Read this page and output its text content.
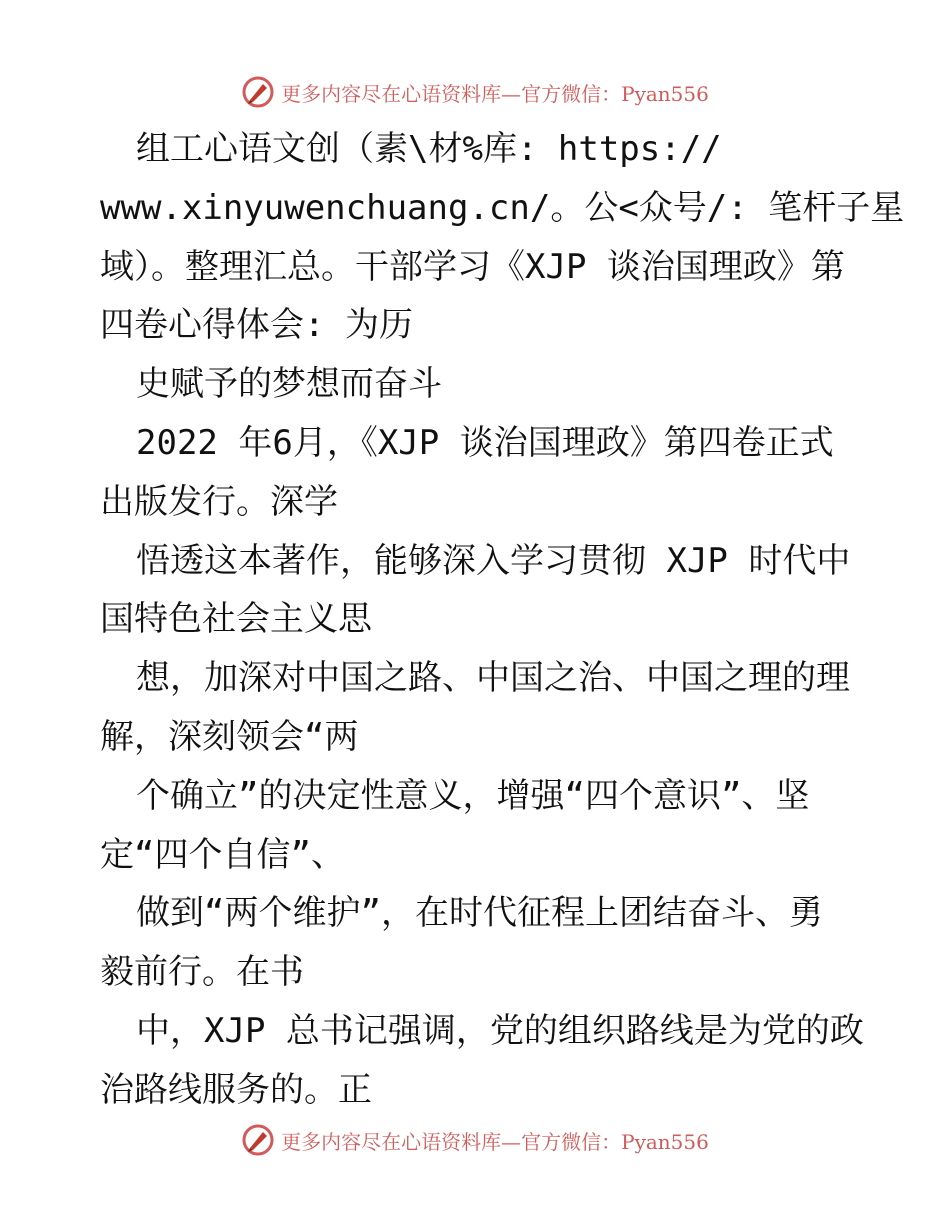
更多内容尽在心语资料库—官方微信：Pyan556
组工心语文创（素\材%库: https://
www.xinyuwenchuang.cn/。公<众号/: 笔杆子星
域）。整理汇总。干部学习《XJP 谈治国理政》第
四卷心得体会: 为历
史赋予的梦想而奋斗
2022 年6月，《XJP 谈治国理政》第四卷正式
出版发行。深学
悟透这本著作，能够深入学习贯彻 XJP 时代中
国特色社会主义思
想，加深对中国之路、中国之治、中国之理的理
解，深刻领会“两
个确立”的决定性意义，增强“四个意识”、坚
定“四个自信”、
做到“两个维护”，在时代征程上团结奋斗、勇
毅前行。在书
中，XJP 总书记强调，党的组织路线是为党的政
治路线服务的。正
更多内容尽在心语资料库—官方微信：Pyan556
